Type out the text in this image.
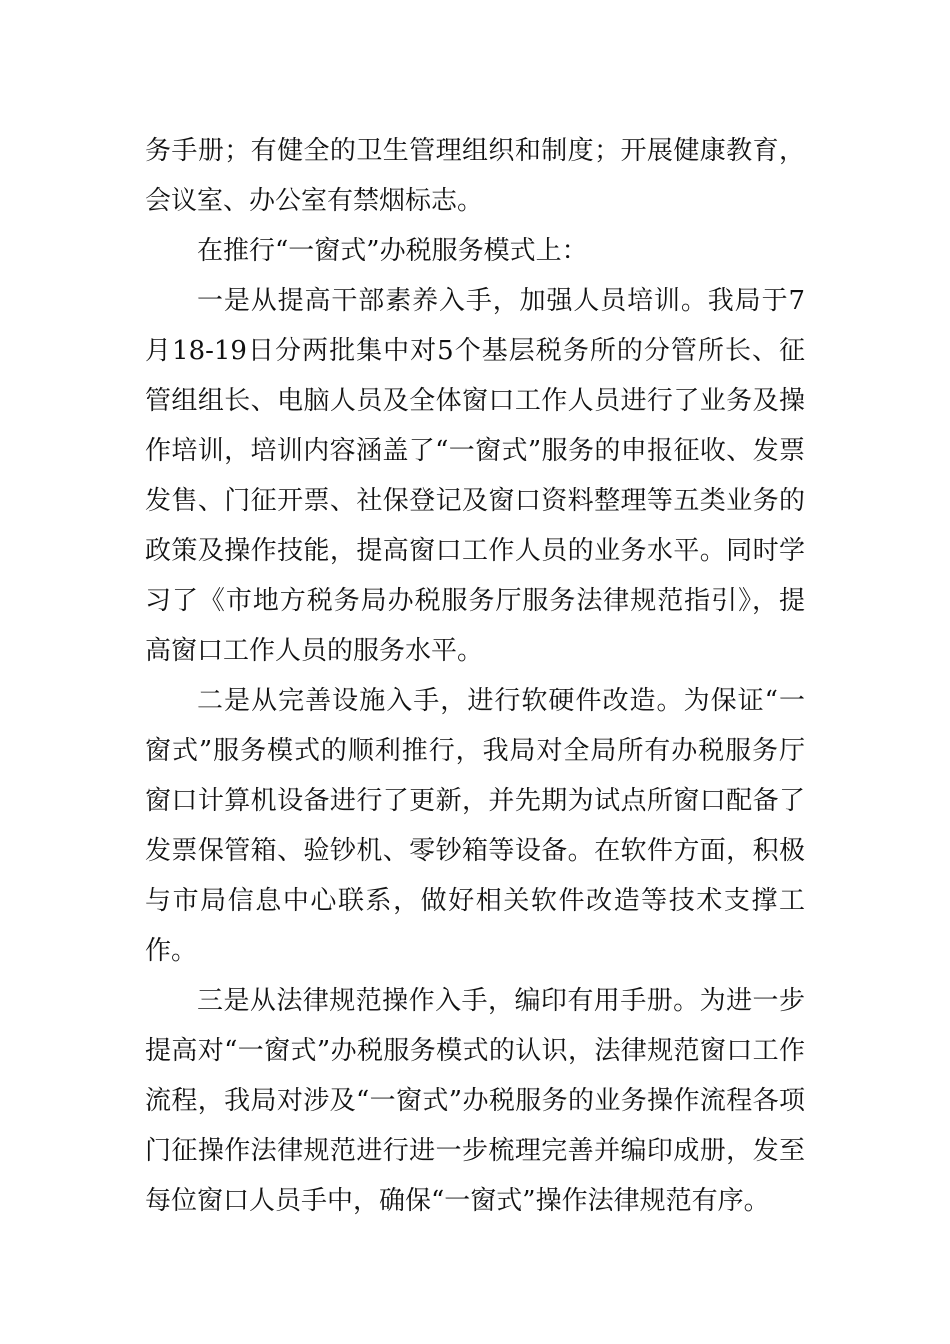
务手册；有健全的卫生管理组织和制度；开展健康教育，会议室、办公室有禁烟标志。

在推行“一窗式”办税服务模式上：

一是从提高干部素养入手，加强人员培训。我局于7月18-19日分两批集中对5个基层税务所的分管所长、征管组组长、电脑人员及全体窗口工作人员进行了业务及操作培训，培训内容涵盖了“一窗式”服务的申报征收、发票发售、门征开票、社保登记及窗口资料整理等五类业务的政策及操作技能，提高窗口工作人员的业务水平。同时学习了《市地方税务局办税服务厅服务法律规范指引》，提高窗口工作人员的服务水平。

二是从完善设施入手，进行软硬件改造。为保证“一窗式”服务模式的顺利推行，我局对全局所有办税服务厅窗口计算机设备进行了更新，并先期为试点所窗口配备了发票保管箱、验钞机、零钞箱等设备。在软件方面，积极与市局信息中心联系，做好相关软件改造等技术支撑工作。

三是从法律规范操作入手，编印有用手册。为进一步提高对“一窗式”办税服务模式的认识，法律规范窗口工作流程，我局对涉及“一窗式”办税服务的业务操作流程各项门征操作法律规范进行进一步梳理完善并编印成册，发至每位窗口人员手中，确保“一窗式”操作法律规范有序。
